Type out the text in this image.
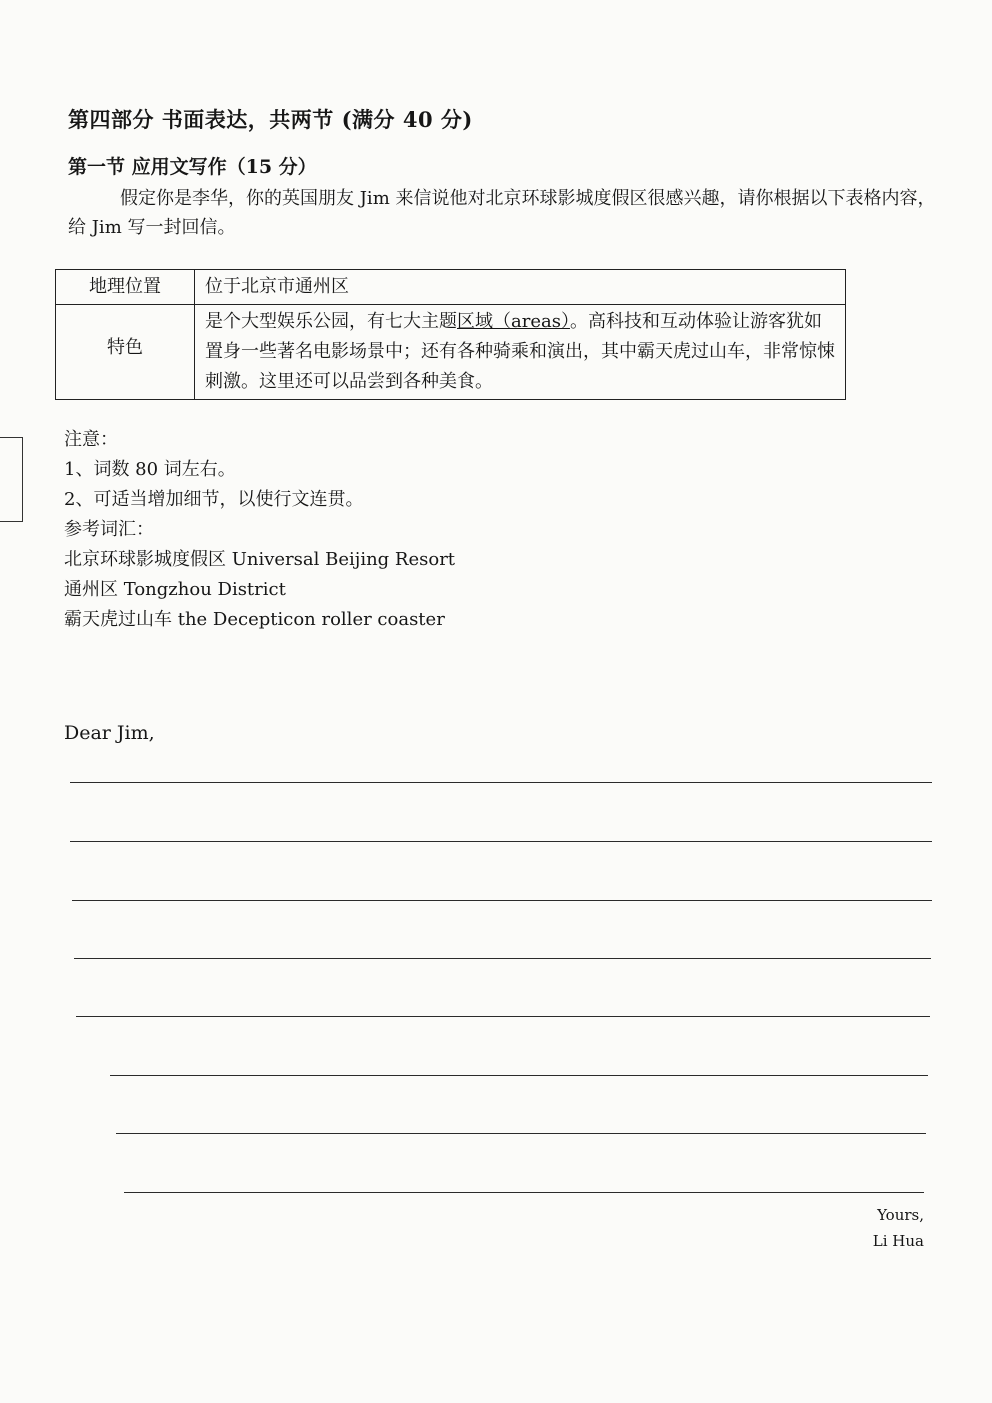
第四部分 书面表达，共两节 (满分 40 分)
第一节 应用文写作（15 分）
假定你是李华，你的英国朋友 Jim 来信说他对北京环球影城度假区很感兴趣，请你根据以下表格内容，给 Jim 写一封回信。
地理位置	位于北京市通州区
特色	是个大型娱乐公园，有七大主题区域（areas）。高科技和互动体验让游客犹如置身一些著名电影场景中；还有各种骑乘和演出，其中霸天虎过山车，非常惊悚刺激。这里还可以品尝到各种美食。
注意：
1、词数 80 词左右。
2、可适当增加细节，以使行文连贯。
参考词汇：
北京环球影城度假区 Universal Beijing Resort
通州区 Tongzhou District
霸天虎过山车 the Decepticon roller coaster
Dear Jim,
Yours,
Li Hua
